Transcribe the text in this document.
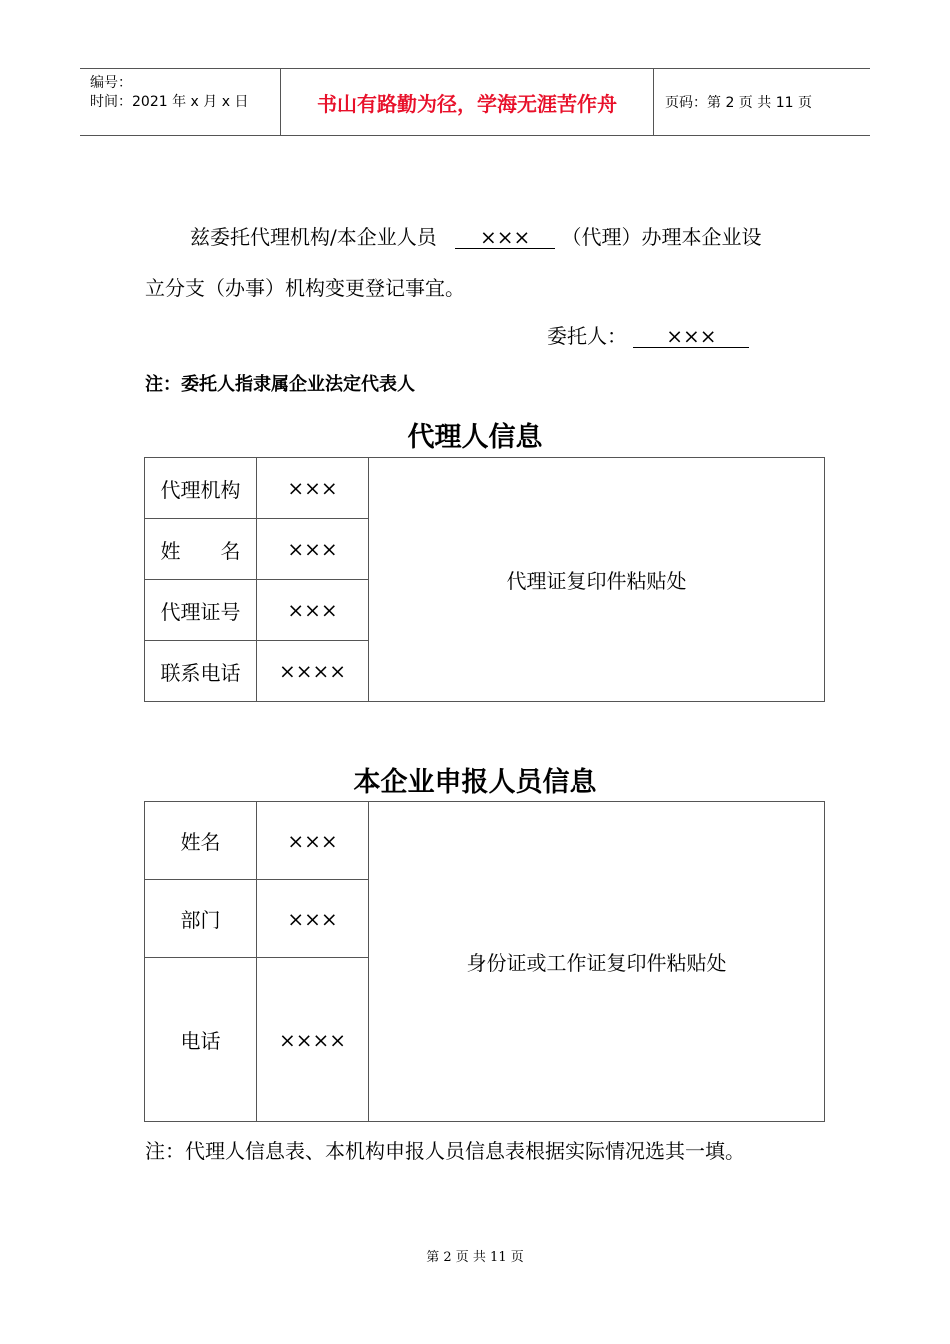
编号：
时间：2021 年 x 月 x 日	书山有路勤为径，学海无涯苦作舟	页码：第 2 页 共 11 页
兹委托代理机构/本企业人员 ××× （代理）办理本企业设
立分支（办事）机构变更登记事宜。
委托人： ×××
注：委托人指隶属企业法定代表人
代理人信息
代理机构	×××	代理证复印件粘贴处
姓　　名	×××	
代理证号	×××	
联系电话	××××	
本企业申报人员信息
姓名	×××	身份证或工作证复印件粘贴处
部门	×××	
电话	××××	
注：代理人信息表、本机构申报人员信息表根据实际情况选其一填。
第 2 页 共 11 页
